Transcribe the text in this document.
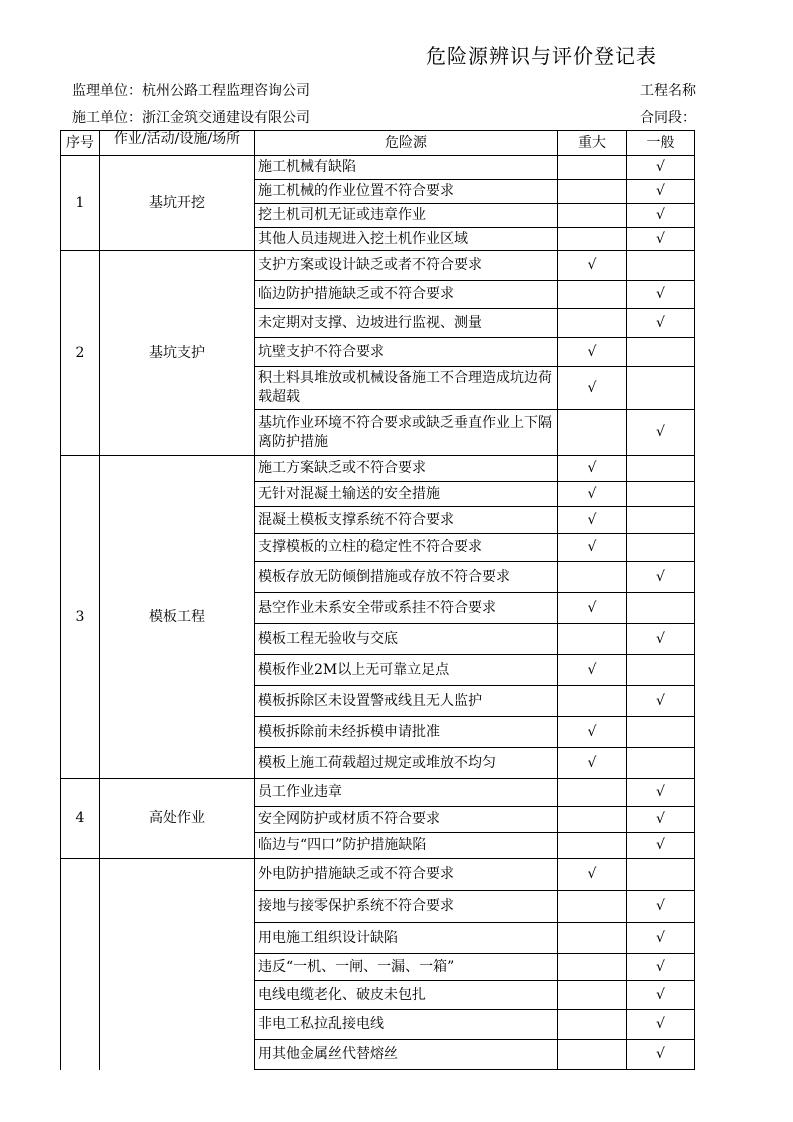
危险源辨识与评价登记表
监理单位：杭州公路工程监理咨询公司	工程名称
施工单位：浙江金筑交通建设有限公司	合同段：
序号	作业/活动/设施/场所	危险源	重大	一般
1	基坑开挖	施工机械有缺陷		√
		施工机械的作业位置不符合要求		√
		挖土机司机无证或违章作业		√
		其他人员违规进入挖土机作业区域		√
2	基坑支护	支护方案或设计缺乏或者不符合要求	√	
		临边防护措施缺乏或不符合要求		√
		未定期对支撑、边坡进行监视、测量		√
		坑壁支护不符合要求	√	
		积土料具堆放或机械设备施工不合理造成坑边荷载超载	√	
		基坑作业环境不符合要求或缺乏垂直作业上下隔离防护措施		√
3	模板工程	施工方案缺乏或不符合要求	√	
		无针对混凝土输送的安全措施	√	
		混凝土模板支撑系统不符合要求	√	
		支撑模板的立柱的稳定性不符合要求	√	
		模板存放无防倾倒措施或存放不符合要求		√
		悬空作业未系安全带或系挂不符合要求	√	
		模板工程无验收与交底		√
		模板作业2M以上无可靠立足点	√	
		模板拆除区未设置警戒线且无人监护		√
		模板拆除前未经拆模申请批准	√	
		模板上施工荷载超过规定或堆放不均匀	√	
4	高处作业	员工作业违章		√
		安全网防护或材质不符合要求		√
		临边与“四口”防护措施缺陷		√
		外电防护措施缺乏或不符合要求	√	
		接地与接零保护系统不符合要求		√
		用电施工组织设计缺陷		√
		违反“一机、一闸、一漏、一箱”		√
		电线电缆老化、破皮未包扎		√
		非电工私拉乱接电线		√
		用其他金属丝代替熔丝		√
